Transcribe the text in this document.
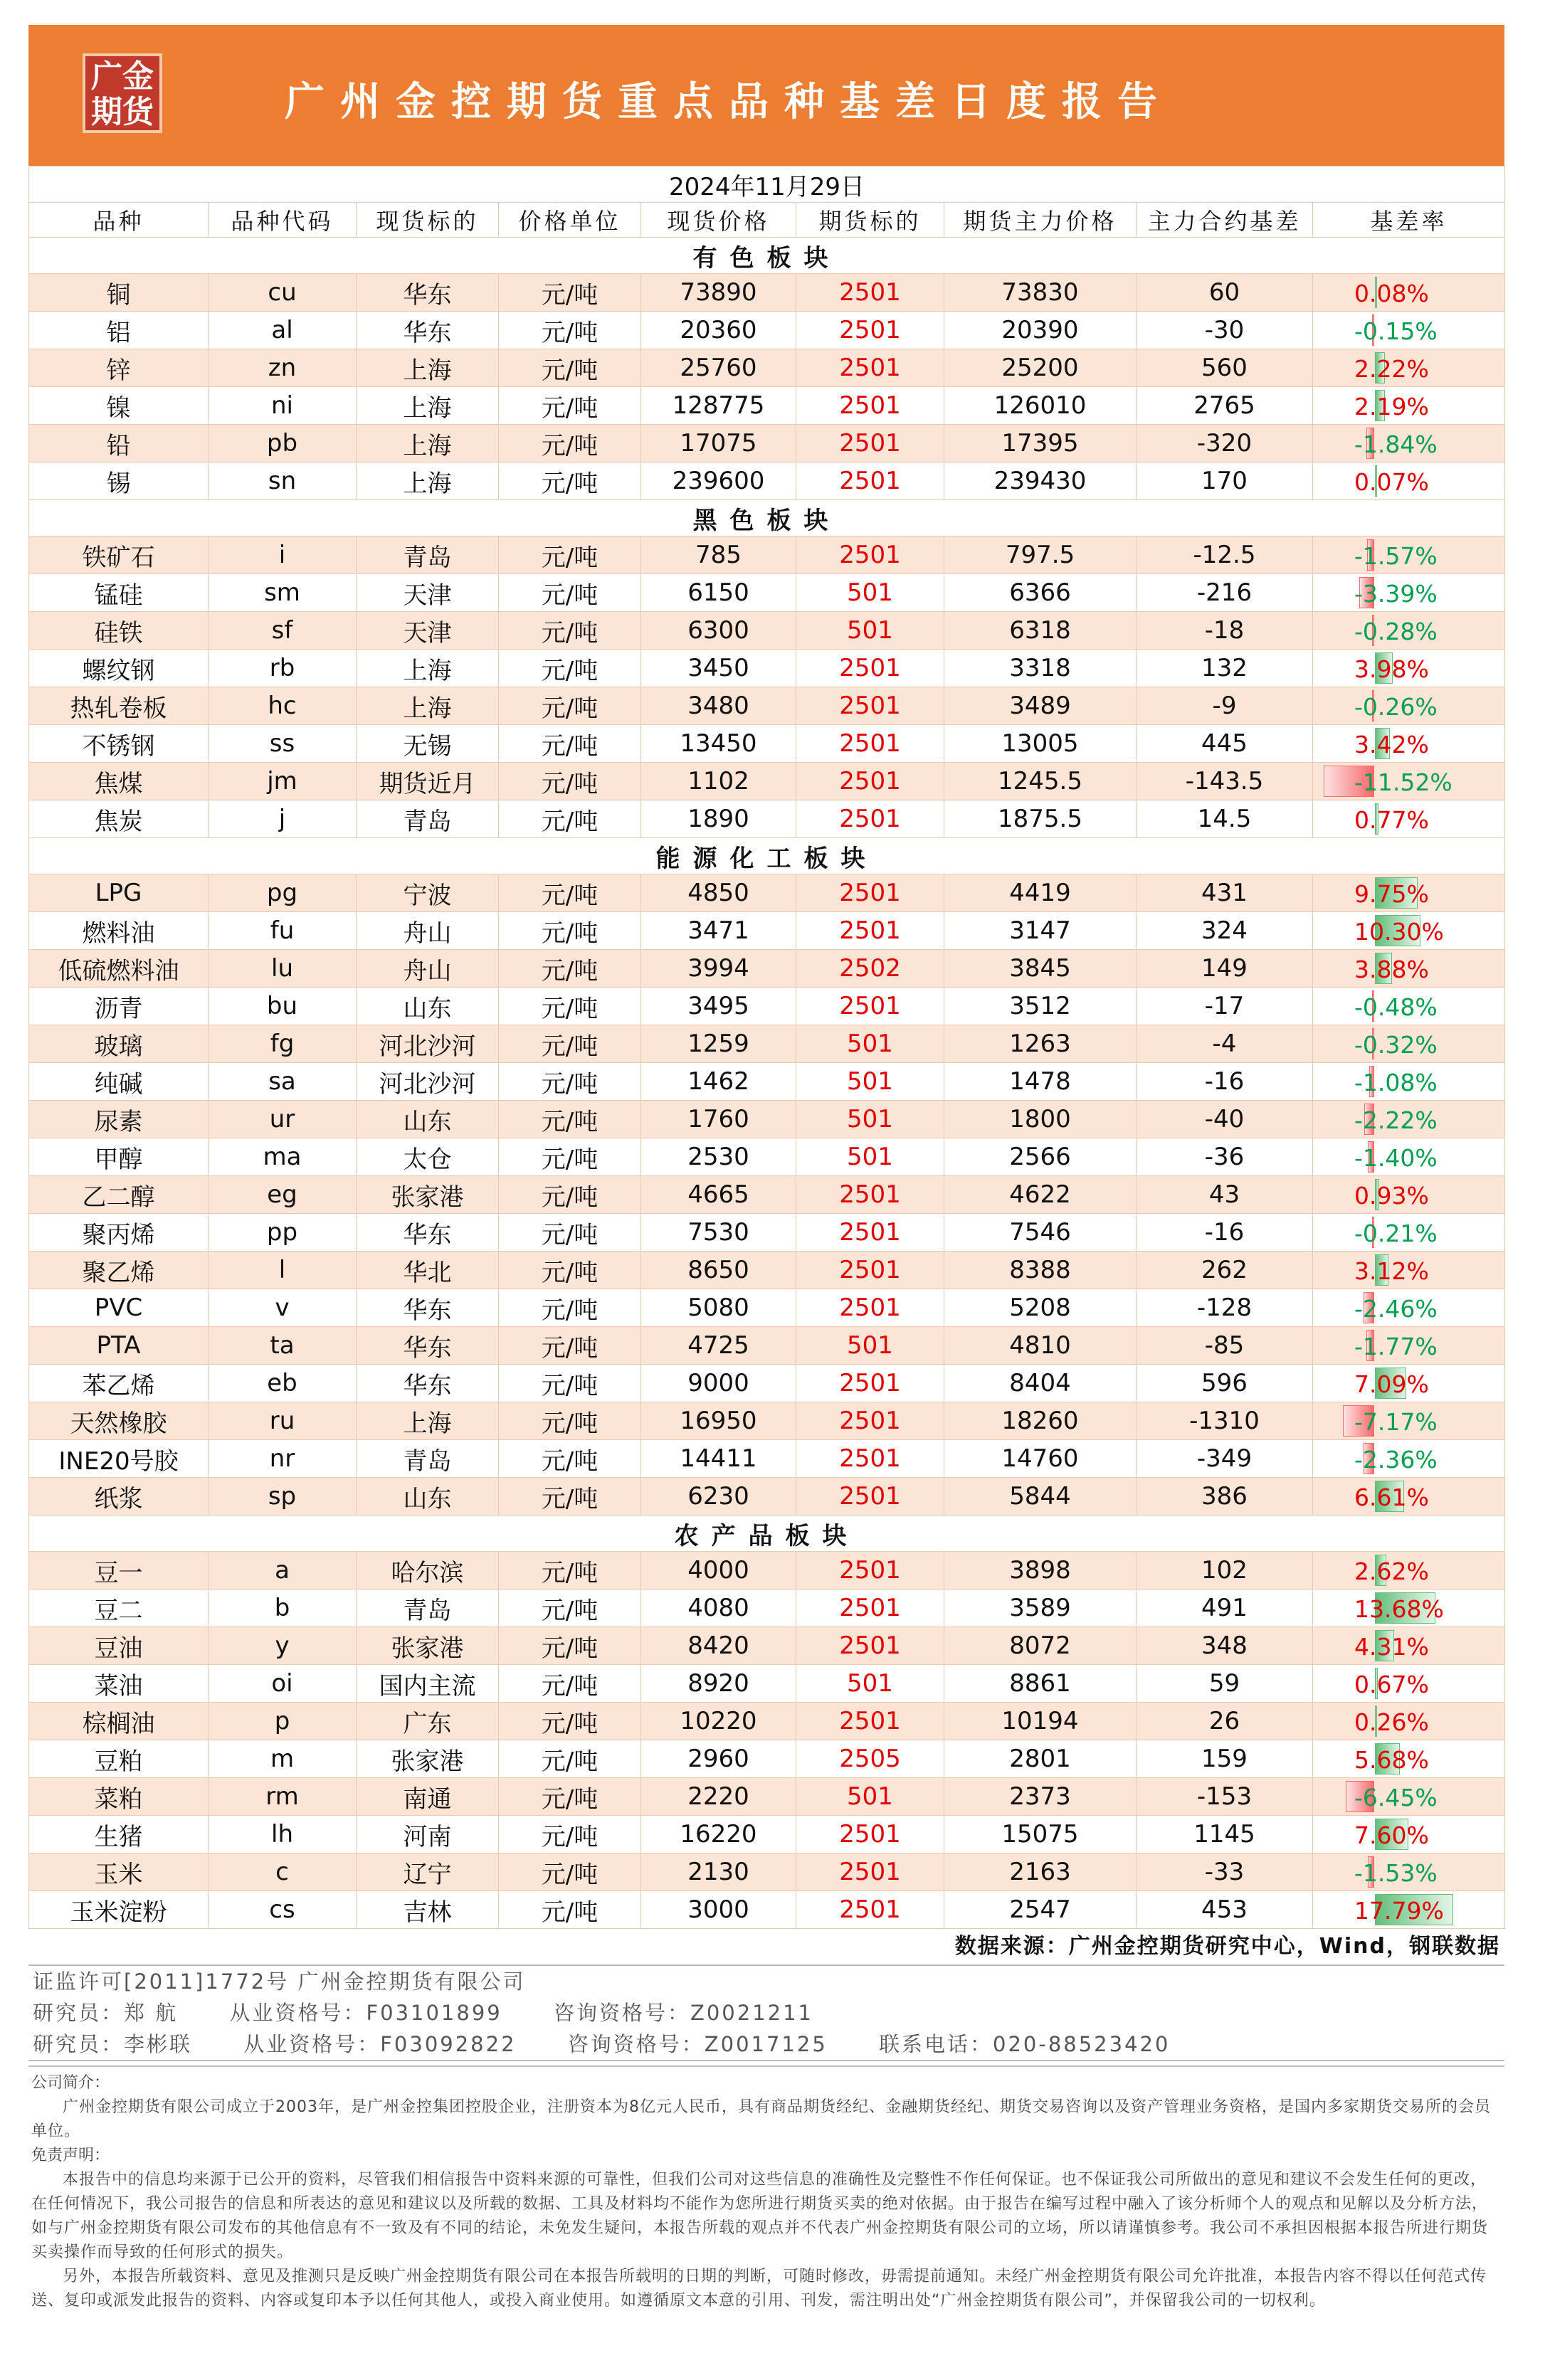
广金
期货	广州金控期货重点品种基差日度报告
2024年11月29日								
品种	品种代码	现货标的	价格单位	现货价格	期货标的	期货主力价格	主力合约基差	基差率
有色板块								
铜	cu	华东	元/吨	73890	2501	73830	60	0.08%

铝	al	华东	元/吨	20360	2501	20390	-30	-0.15%

锌	zn	上海	元/吨	25760	2501	25200	560	2.22%

镍	ni	上海	元/吨	128775	2501	126010	2765	2.19%

铅	pb	上海	元/吨	17075	2501	17395	-320	-1.84%

锡	sn	上海	元/吨	239600	2501	239430	170	0.07%

黑色板块								
铁矿石	i	青岛	元/吨	785	2501	797.5	-12.5	-1.57%

锰硅	sm	天津	元/吨	6150	501	6366	-216	-3.39%

硅铁	sf	天津	元/吨	6300	501	6318	-18	-0.28%

螺纹钢	rb	上海	元/吨	3450	2501	3318	132	3.98%

热轧卷板	hc	上海	元/吨	3480	2501	3489	-9	-0.26%

不锈钢	ss	无锡	元/吨	13450	2501	13005	445	3.42%

焦煤	jm	期货近月	元/吨	1102	2501	1245.5	-143.5	-11.52%

焦炭	j	青岛	元/吨	1890	2501	1875.5	14.5	0.77%

能源化工板块								
LPG	pg	宁波	元/吨	4850	2501	4419	431	9.75%

燃料油	fu	舟山	元/吨	3471	2501	3147	324	10.30%

低硫燃料油	lu	舟山	元/吨	3994	2502	3845	149	3.88%

沥青	bu	山东	元/吨	3495	2501	3512	-17	-0.48%

玻璃	fg	河北沙河	元/吨	1259	501	1263	-4	-0.32%

纯碱	sa	河北沙河	元/吨	1462	501	1478	-16	-1.08%

尿素	ur	山东	元/吨	1760	501	1800	-40	-2.22%

甲醇	ma	太仓	元/吨	2530	501	2566	-36	-1.40%

乙二醇	eg	张家港	元/吨	4665	2501	4622	43	0.93%

聚丙烯	pp	华东	元/吨	7530	2501	7546	-16	-0.21%

聚乙烯	l	华北	元/吨	8650	2501	8388	262	3.12%

PVC	v	华东	元/吨	5080	2501	5208	-128	-2.46%

PTA	ta	华东	元/吨	4725	501	4810	-85	-1.77%

苯乙烯	eb	华东	元/吨	9000	2501	8404	596	7.09%

天然橡胶	ru	上海	元/吨	16950	2501	18260	-1310	-7.17%

INE20号胶	nr	青岛	元/吨	14411	2501	14760	-349	-2.36%

纸浆	sp	山东	元/吨	6230	2501	5844	386	6.61%

农产品板块								
豆一	a	哈尔滨	元/吨	4000	2501	3898	102	2.62%

豆二	b	青岛	元/吨	4080	2501	3589	491	13.68%

豆油	y	张家港	元/吨	8420	2501	8072	348	4.31%

菜油	oi	国内主流	元/吨	8920	501	8861	59	0.67%

棕榈油	p	广东	元/吨	10220	2501	10194	26	0.26%

豆粕	m	张家港	元/吨	2960	2505	2801	159	5.68%

菜粕	rm	南通	元/吨	2220	501	2373	-153	-6.45%

生猪	lh	河南	元/吨	16220	2501	15075	1145	7.60%

玉米	c	辽宁	元/吨	2130	2501	2163	-33	-1.53%

玉米淀粉	cs	吉林	元/吨	3000	2501	2547	453	17.79%
数据来源：广州金控期货研究中心，Wind，钢联数据
证监许可[2011]1772号 广州金控期货有限公司
研究员：郑 航 从业资格号：F03101899 咨询资格号：Z0021211
研究员：李彬联 从业资格号：F03092822 咨询资格号：Z0017125 联系电话：020-88523420

公司简介：

广州金控期货有限公司成立于2003年，是广州金控集团控股企业，注册资本为8亿元人民币，具有商品期货经纪、金融期货经纪、期货交易咨询以及资产管理业务资格，是国内多家期货交易所的会员单位。

免责声明：

本报告中的信息均来源于已公开的资料，尽管我们相信报告中资料来源的可靠性，但我们公司对这些信息的准确性及完整性不作任何保证。也不保证我公司所做出的意见和建议不会发生任何的更改，在任何情况下，我公司报告的信息和所表达的意见和建议以及所载的数据、工具及材料均不能作为您所进行期货买卖的绝对依据。由于报告在编写过程中融入了该分析师个人的观点和见解以及分析方法，如与广州金控期货有限公司发布的其他信息有不一致及有不同的结论，未免发生疑问，本报告所载的观点并不代表广州金控期货有限公司的立场，所以请谨慎参考。我公司不承担因根据本报告所进行期货买卖操作而导致的任何形式的损失。

另外，本报告所载资料、意见及推测只是反映广州金控期货有限公司在本报告所载明的日期的判断，可随时修改，毋需提前通知。未经广州金控期货有限公司允许批准，本报告内容不得以任何范式传送、复印或派发此报告的资料、内容或复印本予以任何其他人，或投入商业使用。如遵循原文本意的引用、刊发，需注明出处“广州金控期货有限公司”，并保留我公司的一切权利。
